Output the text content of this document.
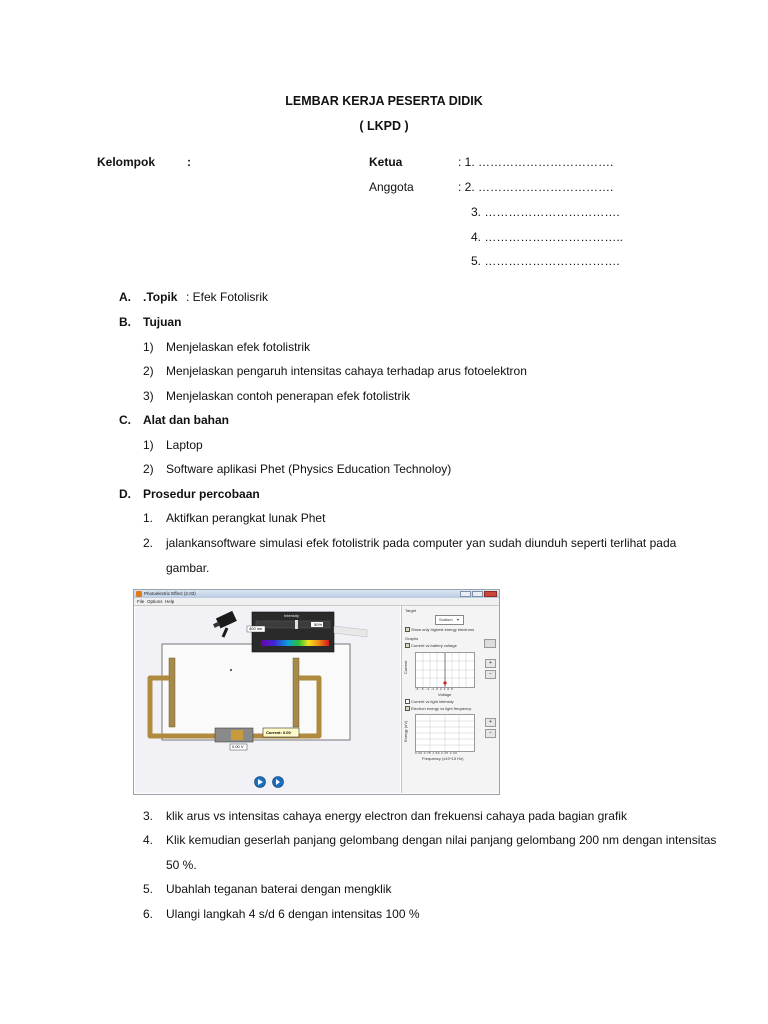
LEMBAR KERJA PESERTA DIDIK
( LKPD )
Kelompok	:	Ketua	: 1. …………………………….
Anggota	: 2. …………………………….
3. …………………………….
4. ……………………………..
5. …………………………….
A. .Topik : Efek Fotolisrik
B. Tujuan
1) Menjelaskan efek fotolistrik
2) Menjelaskan pengaruh intensitas cahaya terhadap arus fotoelektron
3) Menjelaskan contoh penerapan efek fotolistrik
C. Alat dan bahan
1) Laptop
2) Software aplikasi Phet (Physics Education Technoloy)
D. Prosedur percobaan
1. Aktifkan perangkat lunak Phet
2. jalankansoftware simulasi efek fotolistrik pada computer yan sudah diunduh seperti terlihat pada
gambar.
Photoelectric Effect (2.03)
File Options Help
Intensity
50%
400 nm
Current: 0.00
0.00 V
Target
Sodium ▾
Show only highest energy electrons
Graphs
Current vs battery voltage
Current
-8 -6 -4 -2 0 2 4 6 8
Voltage
+
−
Current vs light intensity
Electron energy vs light frequency
Energy (eV)
0.00 0.75 1.50 2.25 3.00
Frequency (x10^15 Hz)
+
−
3. klik arus vs intensitas cahaya energy electron dan frekuensi cahaya pada bagian grafik
4. Klik kemudian geserlah panjang gelombang dengan nilai panjang gelombang 200 nm dengan intensitas
50 %.
5. Ubahlah teganan baterai dengan mengklik
6. Ulangi langkah 4 s/d 6 dengan intensitas 100 %
